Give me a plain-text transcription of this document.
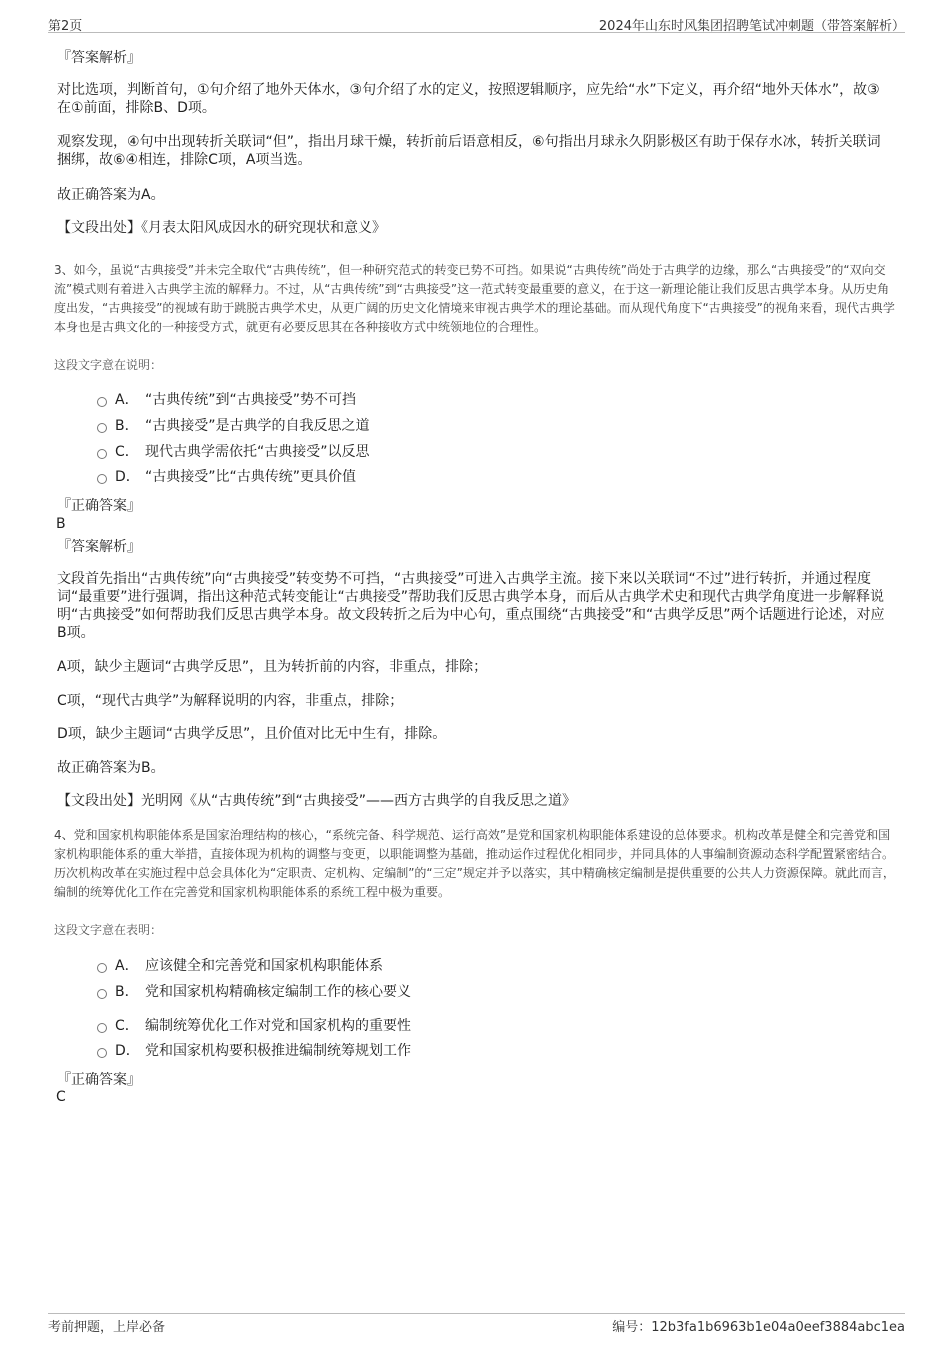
第2页	2024年山东时风集团招聘笔试冲刺题（带答案解析）
『答案解析』
对比选项，判断首句，①句介绍了地外天体水，③句介绍了水的定义，按照逻辑顺序，应先给“水”下定义，再介绍“地外天体水”，故③在①前面，排除B、D项。
观察发现，④句中出现转折关联词“但”，指出月球干燥，转折前后语意相反，⑥句指出月球永久阴影极区有助于保存水冰，转折关联词捆绑，故⑥④相连，排除C项，A项当选。
故正确答案为A。
【文段出处】《月表太阳风成因水的研究现状和意义》
3、如今，虽说“古典接受”并未完全取代“古典传统”，但一种研究范式的转变已势不可挡。如果说“古典传统”尚处于古典学的边缘，那么“古典接受”的“双向交流”模式则有着进入古典学主流的解释力。不过，从“古典传统”到“古典接受”这一范式转变最重要的意义，在于这一新理论能让我们反思古典学本身。从历史角度出发，“古典接受”的视域有助于跳脱古典学术史，从更广阔的历史文化情境来审视古典学术的理论基础。而从现代角度下“古典接受”的视角来看，现代古典学本身也是古典文化的一种接受方式，就更有必要反思其在各种接收方式中统领地位的合理性。
这段文字意在说明：
A． “古典传统”到“古典接受”势不可挡
B． “古典接受”是古典学的自我反思之道
C． 现代古典学需依托“古典接受”以反思
D． “古典接受”比“古典传统”更具价值
『正确答案』
B
『答案解析』
文段首先指出“古典传统”向“古典接受”转变势不可挡，“古典接受”可进入古典学主流。接下来以关联词“不过”进行转折，并通过程度词“最重要”进行强调，指出这种范式转变能让“古典接受”帮助我们反思古典学本身，而后从古典学术史和现代古典学角度进一步解释说明“古典接受”如何帮助我们反思古典学本身。故文段转折之后为中心句，重点围绕“古典接受”和“古典学反思”两个话题进行论述，对应B项。
A项，缺少主题词“古典学反思”，且为转折前的内容，非重点，排除；
C项，“现代古典学”为解释说明的内容，非重点，排除；
D项，缺少主题词“古典学反思”，且价值对比无中生有，排除。
故正确答案为B。
【文段出处】光明网《从“古典传统”到“古典接受”——西方古典学的自我反思之道》
4、党和国家机构职能体系是国家治理结构的核心，“系统完备、科学规范、运行高效”是党和国家机构职能体系建设的总体要求。机构改革是健全和完善党和国家机构职能体系的重大举措，直接体现为机构的调整与变更，以职能调整为基础，推动运作过程优化相同步，并同具体的人事编制资源动态科学配置紧密结合。历次机构改革在实施过程中总会具体化为“定职责、定机构、定编制”的“三定”规定并予以落实，其中精确核定编制是提供重要的公共人力资源保障。就此而言，编制的统筹优化工作在完善党和国家机构职能体系的系统工程中极为重要。
这段文字意在表明：
A． 应该健全和完善党和国家机构职能体系
B． 党和国家机构精确核定编制工作的核心要义
C． 编制统筹优化工作对党和国家机构的重要性
D． 党和国家机构要积极推进编制统筹规划工作
『正确答案』
C
考前押题，上岸必备	编号：12b3fa1b6963b1e04a0eef3884abc1ea
